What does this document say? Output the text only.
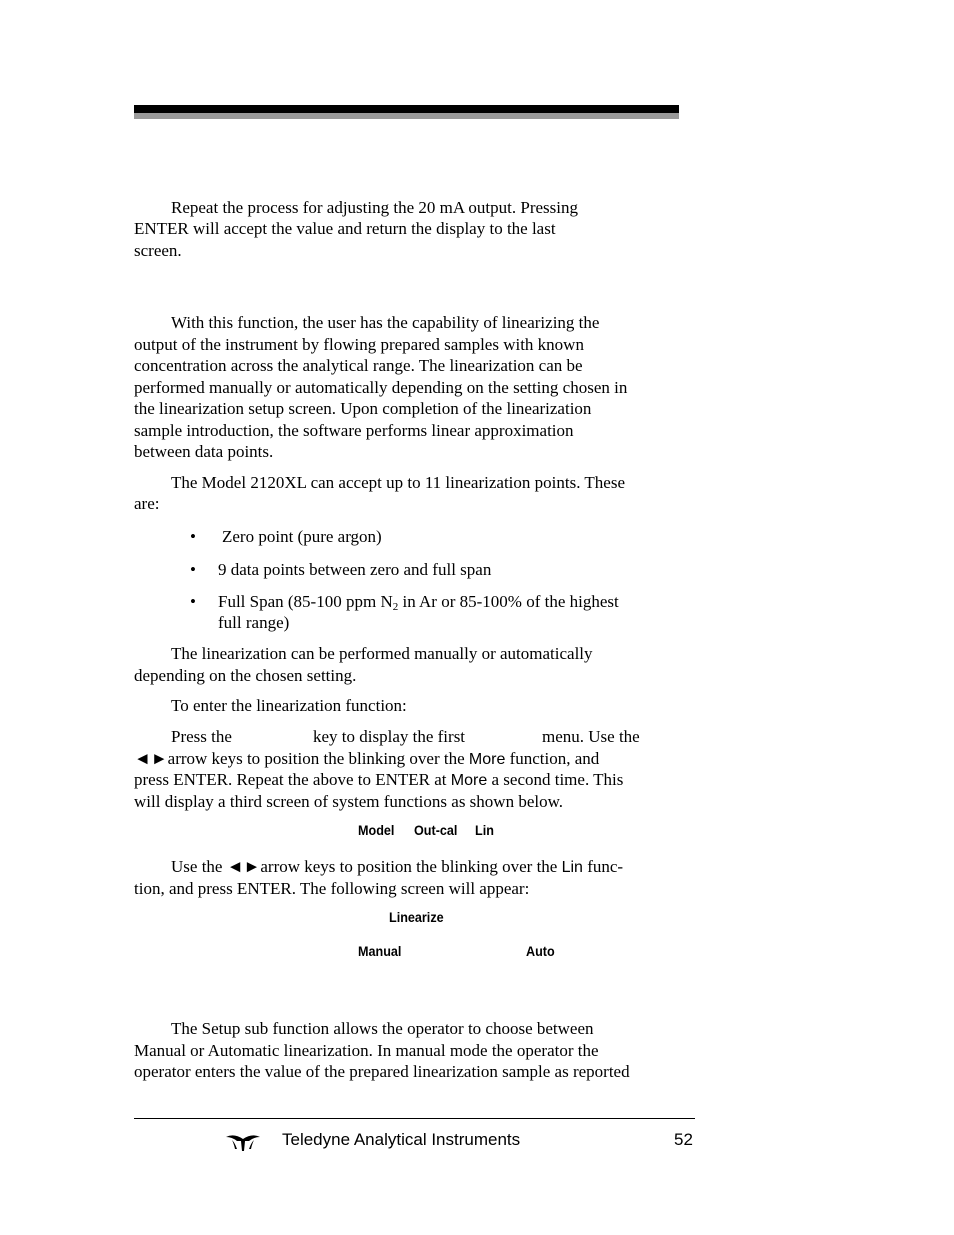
Repeat the process for adjusting the 20 mA output. Pressing
ENTER will accept the value and return the display to the last
screen.
With this function, the user has the capability of linearizing the
output of the instrument by flowing prepared samples with known
concentration across the analytical range. The linearization can be
performed manually or automatically depending on the setting chosen in
the linearization setup screen. Upon completion of the linearization
sample introduction, the software performs linear approximation
between data points.
The Model 2120XL can accept up to 11 linearization points. These
are:
• Zero point (pure argon)
• 9 data points between zero and full span
• Full Span (85-100 ppm $N_2$ in Ar or 85-100% of the highest
full range)
The linearization can be performed manually or automatically
depending on the chosen setting.
To enter the linearization function:
Press the	key to display the first	menu. Use the
◄►arrow keys to position the blinking over the More function, and
press ENTER. Repeat the above to ENTER at More a second time. This
will display a third screen of system functions as shown below.
Model Out-cal Lin
Use the ◄►arrow keys to position the blinking over the Lin func-
tion, and press ENTER. The following screen will appear:
Linearize
Manual	Auto
The Setup sub function allows the operator to choose between
Manual or Automatic linearization. In manual mode the operator the
operator enters the value of the prepared linearization sample as reported
Teledyne Analytical Instruments	52
